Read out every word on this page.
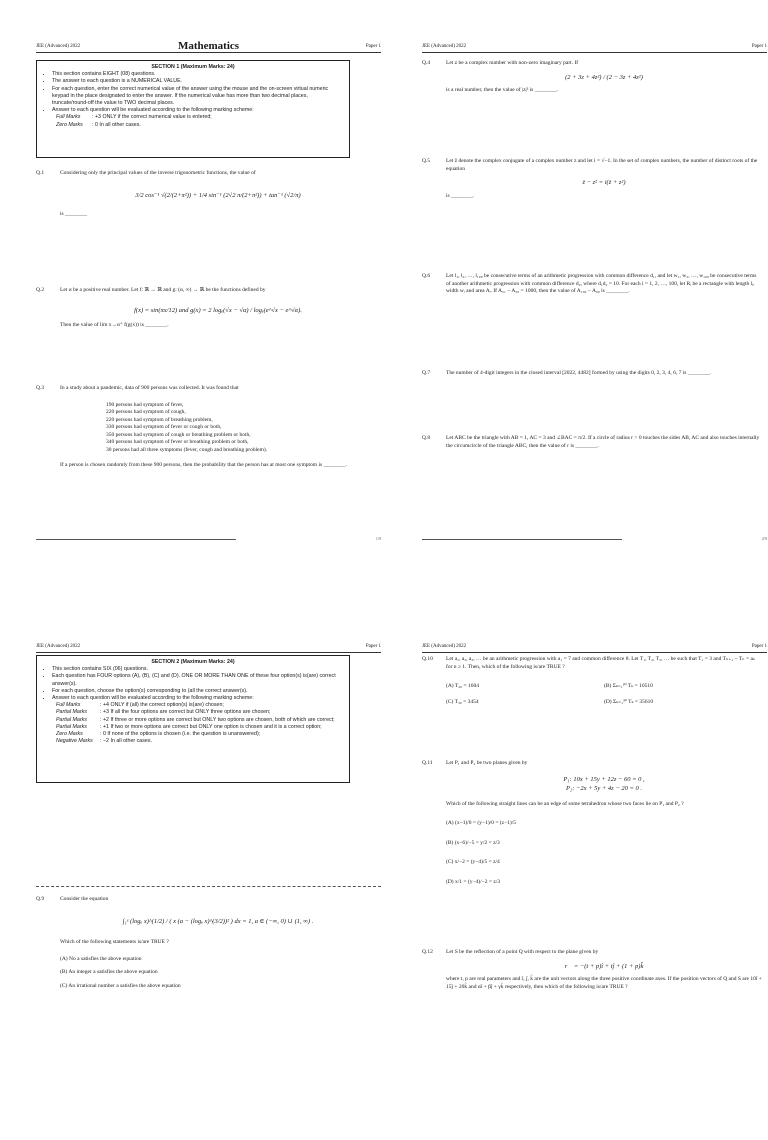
JEE (Advanced) 2022	Paper 1
Mathematics
SECTION 1 (Maximum Marks: 24)
• This section contains EIGHT (08) questions.
• The answer to each question is a NUMERICAL VALUE.
• For each question, enter the correct numerical value of the answer using the mouse and the on-screen virtual numeric keypad in the place designated to enter the answer. If the numerical value has more than two decimal places, truncate/round-off the value to TWO decimal places.
• Answer to each question will be evaluated according to the following marking scheme:
Full Marks	: +3 ONLY if the correct numerical value is entered;
Zero Marks	: 0 In all other cases.
Q.1	Considering only the principal values of the inverse trigonometric functions, the value of
3/2 cos⁻¹ √(2/(2+π²)) + 1/4 sin⁻¹ (2√2 π/(2+π²)) + tan⁻¹ (√2/π)
is ________
Q.2	Let α be a positive real number. Let f: ℝ → ℝ and g: (α, ∞) → ℝ be the functions defined by
f(x) = sin(πx/12) and g(x) = 2 logₑ(√x − √α) / logₑ(e^√x − e^√α).
Then the value of lim x→α⁺ f(g(x)) is ________.
Q.3	In a study about a pandemic, data of 900 persons was collected. It was found that
190 persons had symptom of fever,
220 persons had symptom of cough,
220 persons had symptom of breathing problem,
330 persons had symptom of fever or cough or both,
350 persons had symptom of cough or breathing problem or both,
340 persons had symptom of fever or breathing problem or both,
30 persons had all three symptoms (fever, cough and breathing problem).
If a person is chosen randomly from these 900 persons, then the probability that the person has at most one symptom is ________.
1/9
JEE (Advanced) 2022	Paper 1
Q.4	Let z be a complex number with non-zero imaginary part. If
(2 + 3z + 4z²) / (2 − 3z + 4z²)
is a real number, then the value of |z|² is ________.
Q.5	Let z̄ denote the complex conjugate of a complex number z and let i = √−1. In the set of complex numbers, the number of distinct roots of the equation
z̄ − z² = i(z̄ + z²)
is ________.
Q.6	Let l₁, l₂, …, l₁₀₀ be consecutive terms of an arithmetic progression with common difference d₁, and let w₁, w₂, …, w₁₀₀ be consecutive terms of another arithmetic progression with common difference d₂, where d₁d₂ = 10. For each i = 1, 2, …, 100, let Rᵢ be a rectangle with length lᵢ, width wᵢ and area Aᵢ. If A₅₁ − A₅₀ = 1000, then the value of A₁₀₀ − A₉₀ is ________.
Q.7	The number of 4-digit integers in the closed interval [2022, 4482] formed by using the digits 0, 2, 3, 4, 6, 7 is ________.
Q.8	Let ABC be the triangle with AB = 1, AC = 3 and ∠BAC = π/2. If a circle of radius r > 0 touches the sides AB, AC and also touches internally the circumcircle of the triangle ABC, then the value of r is ________.
2/9
JEE (Advanced) 2022	Paper 1
SECTION 2 (Maximum Marks: 24)
• This section contains SIX (06) questions.
• Each question has FOUR options (A), (B), (C) and (D). ONE OR MORE THAN ONE of these four option(s) is(are) correct answer(s).
• For each question, choose the option(s) corresponding to (all the correct answer(s).
• Answer to each question will be evaluated according to the following marking scheme:
Full Marks	: +4 ONLY if (all) the correct option(s) is(are) chosen;
Partial Marks	: +3 If all the four options are correct but ONLY three options are chosen;
Partial Marks	: +2 If three or more options are correct but ONLY two options are chosen, both of which are correct;
Partial Marks	: +1 If two or more options are correct but ONLY one option is chosen and it is a correct option;
Zero Marks	: 0 If none of the options is chosen (i.e. the question is unanswered);
Negative Marks	: −2 In all other cases.
Q.9	Consider the equation
∫₁ᵉ (logₑ x)^(1/2) / ( x (a − (logₑ x)^(3/2))² ) dx = 1, a ∈ (−∞, 0) ∪ (1, ∞) .
Which of the following statements is/are TRUE ?
(A) No a satisfies the above equation
(B) An integer a satisfies the above equation
(C) An irrational number a satisfies the above equation
JEE (Advanced) 2022	Paper 1
Q.10 Let a₁, a₂, a₃, … be an arithmetic progression with a₁ = 7 and common difference 8. Let T₁, T₂, T₃, … be such that T₁ = 3 and Tₙ₊₁ − Tₙ = aₙ for n ≥ 1. Then, which of the following is/are TRUE ?
(A) T₂₀ = 1604	(B) Σₖ₌₁²⁰ Tₖ = 10510
(C) T₃₀ = 3454	(D) Σₖ₌₁³⁰ Tₖ = 35610
Q.11 Let P₁ and P₂ be two planes given by
P₁: 10x + 15y + 12z − 60 = 0 ,
P₂: −2x + 5y + 4z − 20 = 0 .
Which of the following straight lines can be an edge of some tetrahedron whose two faces lie on P₁ and P₂ ?
(A) (x−1)/0 = (y−1)/0 = (z−1)/5
(B) (x−6)/−5 = y/2 = z/3
(C) x/−2 = (y−4)/5 = z/4
(D) x/1 = (y−4)/−2 = z/3
Q.12 Let S be the reflection of a point Q with respect to the plane given by
r⃗ = −(t + p)î + tĵ + (1 + p)k̂
where t, p are real parameters and î, ĵ, k̂ are the unit vectors along the three positive coordinate axes. If the position vectors of Q and S are 10î + 15ĵ + 20k̂ and αî + βĵ + γk̂ respectively, then which of the following is/are TRUE ?
